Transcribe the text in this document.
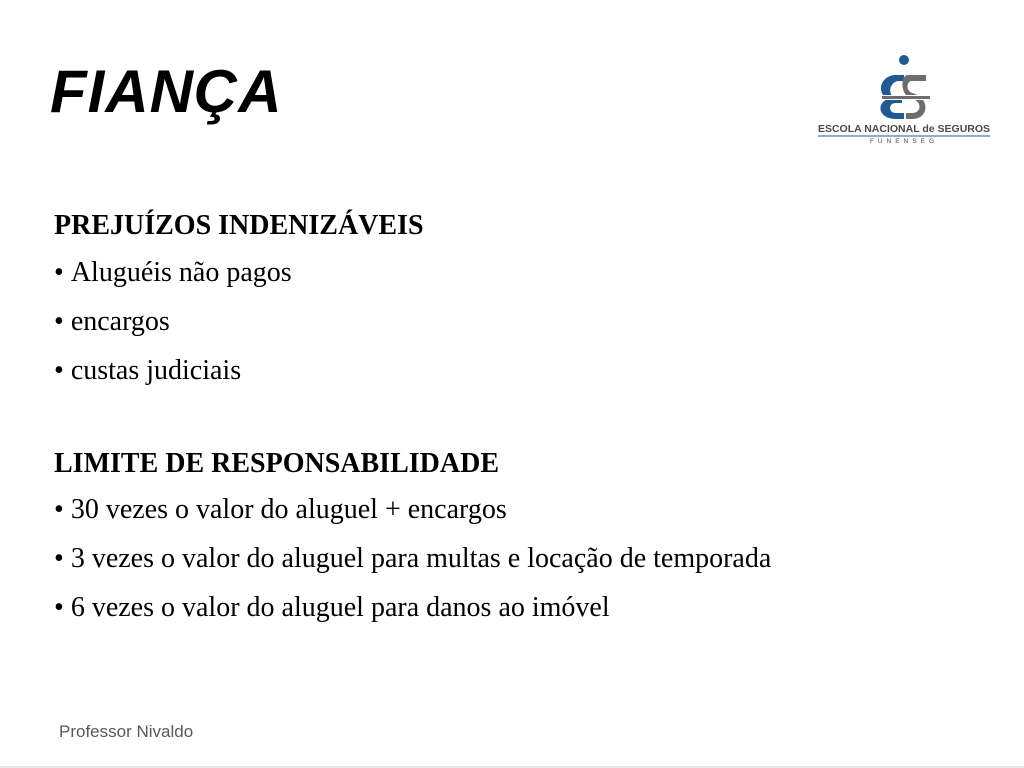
FIANÇA
ESCOLA NACIONAL de SEGUROS
FUNENSEG
PREJUÍZOS INDENIZÁVEIS
• Aluguéis não pagos
• encargos
• custas judiciais
LIMITE DE RESPONSABILIDADE
• 30 vezes o valor do aluguel + encargos
• 3 vezes o valor do aluguel para multas e locação de temporada
• 6 vezes o valor do aluguel para danos ao imóvel
Professor Nivaldo
